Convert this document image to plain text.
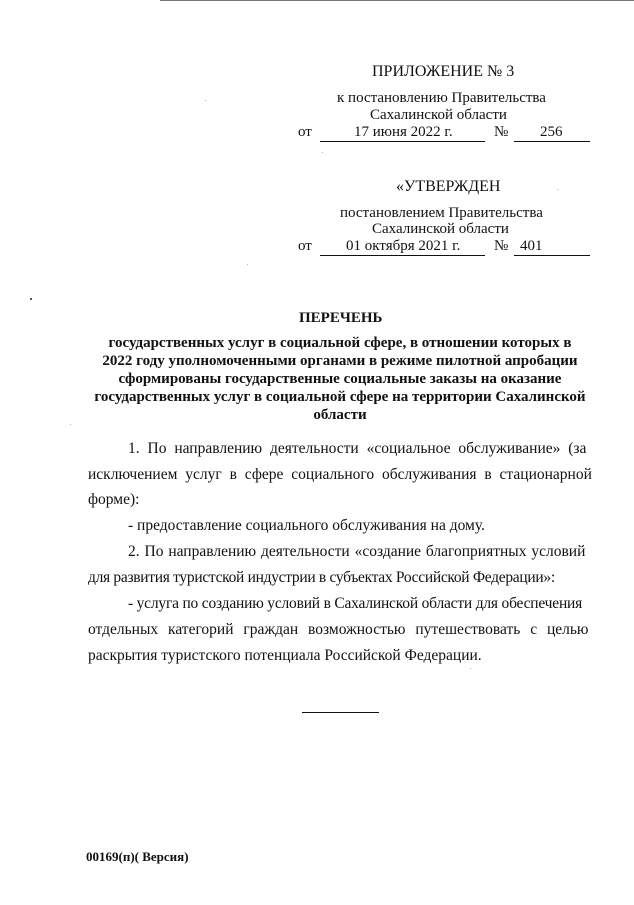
ПРИЛОЖЕНИЕ № 3
к постановлению Правительства
Сахалинской области
от	17 июня 2022 г.	№ 256
«УТВЕРЖДЕН
постановлением Правительства
Сахалинской области
от 01 октября 2021 г. № 401
ПЕРЕЧЕНЬ
государственных услуг в социальной сфере, в отношении которых в
2022 году уполномоченными органами в режиме пилотной апробации
сформированы государственные социальные заказы на оказание
государственных услуг в социальной сфере на территории Сахалинской
области
1. По направлению деятельности «социальное обслуживание» (за
исключением услуг в сфере социального обслуживания в стационарной
форме):
- предоставление социального обслуживания на дому.
2. По направлению деятельности «создание благоприятных условий
для развития туристской индустрии в субъектах Российской Федерации»:
- услуга по созданию условий в Сахалинской области для обеспечения
отдельных категорий граждан возможностью путешествовать с целью
раскрытия туристского потенциала Российской Федерации.
00169(п)( Версия)
